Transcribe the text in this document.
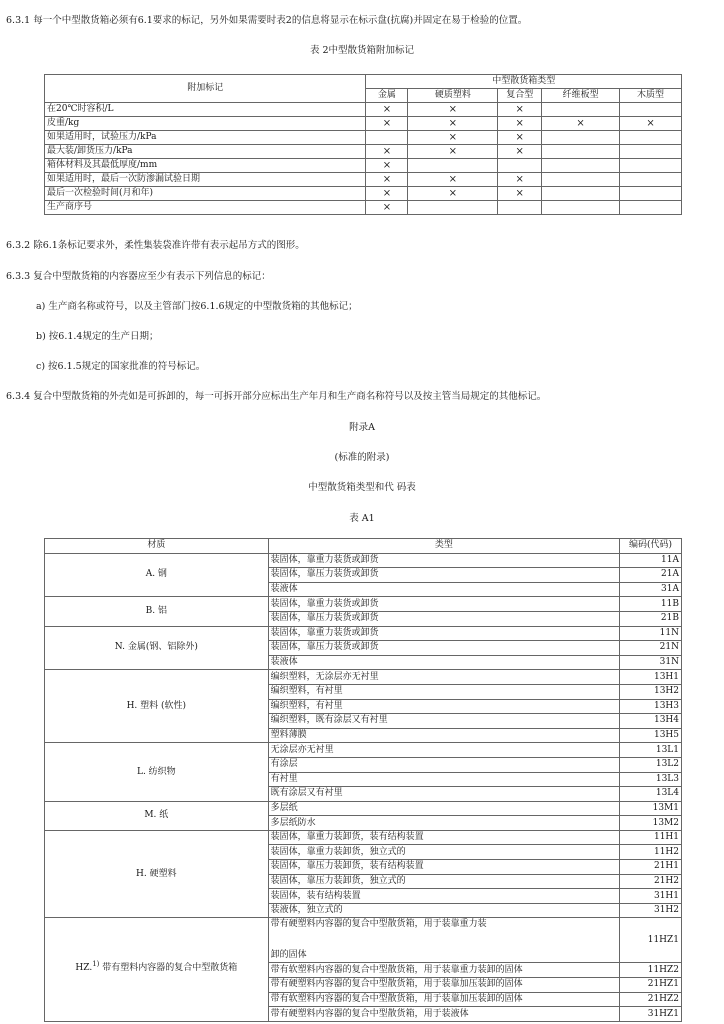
6.3.1 每一个中型散货箱必须有6.1要求的标记，另外如果需要时表2的信息将显示在标示盘(抗腐)并固定在易于检验的位置。
表 2中型散货箱附加标记
附加标记	中型散货箱类型				
	金属	硬质塑料	复合型	纤维板型	木质型
在20℃时容积/L	×	×	×		
皮重/kg	×	×	×	×	×
如果适用时，试验压力/kPa		×	×		
最大装/卸货压力/kPa	×	×	×		
箱体材料及其最低厚度/mm	×				
如果适用时，最后一次防渗漏试验日期	×	×	×		
最后一次检验时间(月和年)	×	×	×		
生产商序号	×				
6.3.2 除6.1条标记要求外，柔性集装袋准许带有表示起吊方式的图形。
6.3.3 复合中型散货箱的内容器应至少有表示下列信息的标记：
a) 生产商名称或符号，以及主管部门按6.1.6规定的中型散货箱的其他标记；
b) 按6.1.4规定的生产日期；
c) 按6.1.5规定的国家批准的符号标记。
6.3.4 复合中型散货箱的外壳如是可拆卸的，每一可拆开部分应标出生产年月和生产商名称符号以及按主管当局规定的其他标记。
附录A
(标准的附录)
中型散货箱类型和代 码表
表 A1
材质	类型	编码(代码)
A. 钢	装固体，靠重力装货或卸货	11A
	装固体，靠压力装货或卸货	21A
	装液体	31A
B. 铝	装固体，靠重力装货或卸货	11B
	装固体，靠压力装货或卸货	21B
N. 金属(钢、铝除外)	装固体，靠重力装货或卸货	11N
	装固体，靠压力装货或卸货	21N
	装液体	31N
H. 塑料 (软性)	编织塑料，无涂层亦无衬里	13H1
	编织塑料，有衬里	13H2
	编织塑料，有衬里	13H3
	编织塑料，既有涂层又有衬里	13H4
	塑料薄膜	13H5
L. 纺织物	无涂层亦无衬里	13L1
	有涂层	13L2
	有衬里	13L3
	既有涂层又有衬里	13L4
M. 纸	多层纸	13M1
	多层纸防水	13M2
H. 硬塑料	装固体，靠重力装卸货，装有结构装置	11H1
	装固体，靠重力装卸货，独立式的	11H2
	装固体，靠压力装卸货，装有结构装置	21H1
	装固体，靠压力装卸货，独立式的	21H2
	装固体，装有结构装置	31H1
	装液体，独立式的	31H2
HZ.$^{1)}$ 带有塑料内容器的复合中型散货箱	带有硬塑料内容器的复合中型散货箱，用于装靠重力装
卸的固体	11HZ1
	带有软塑料内容器的复合中型散货箱，用于装靠重力装卸的固体	11HZ2
	带有硬塑料内容器的复合中型散货箱，用于装靠加压装卸的固体	21HZ1
	带有软塑料内容器的复合中型散货箱，用于装靠加压装卸的固体	21HZ2
	带有硬塑料内容器的复合中型散货箱，用于装液体	31HZ1
